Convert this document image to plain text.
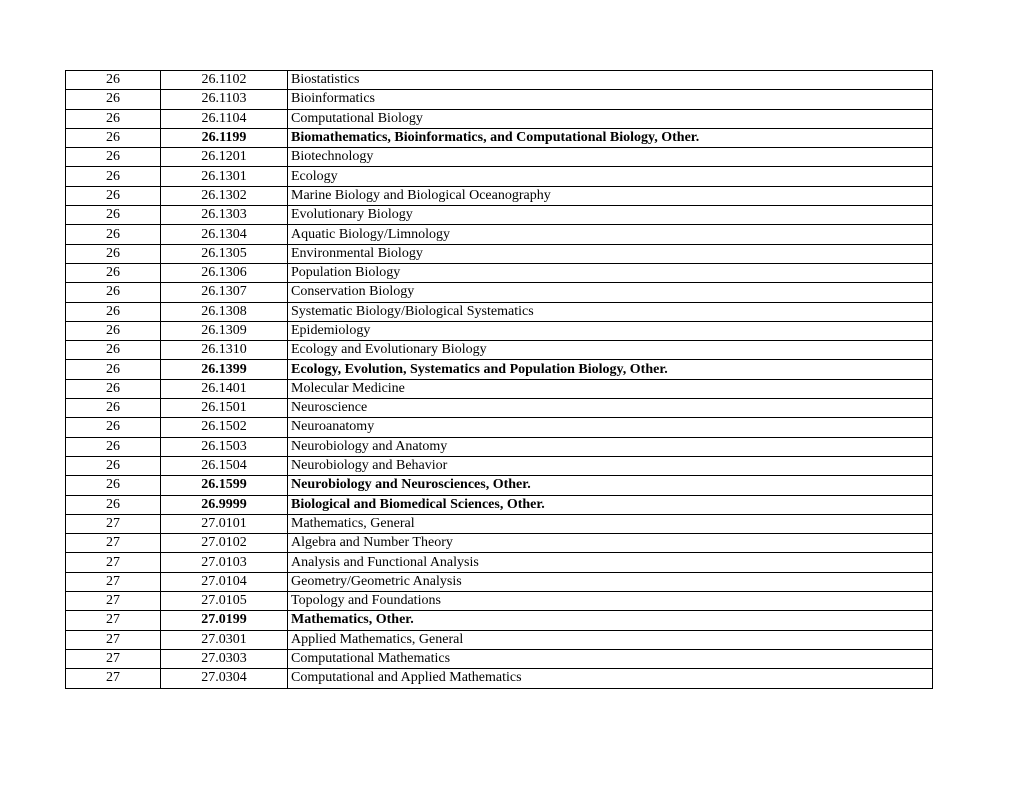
26	26.1102	Biostatistics
26	26.1103	Bioinformatics
26	26.1104	Computational Biology
26	26.1199	Biomathematics, Bioinformatics, and Computational Biology, Other.
26	26.1201	Biotechnology
26	26.1301	Ecology
26	26.1302	Marine Biology and Biological Oceanography
26	26.1303	Evolutionary Biology
26	26.1304	Aquatic Biology/Limnology
26	26.1305	Environmental Biology
26	26.1306	Population Biology
26	26.1307	Conservation Biology
26	26.1308	Systematic Biology/Biological Systematics
26	26.1309	Epidemiology
26	26.1310	Ecology and Evolutionary Biology
26	26.1399	Ecology, Evolution, Systematics and Population Biology, Other.
26	26.1401	Molecular Medicine
26	26.1501	Neuroscience
26	26.1502	Neuroanatomy
26	26.1503	Neurobiology and Anatomy
26	26.1504	Neurobiology and Behavior
26	26.1599	Neurobiology and Neurosciences, Other.
26	26.9999	Biological and Biomedical Sciences, Other.
27	27.0101	Mathematics, General
27	27.0102	Algebra and Number Theory
27	27.0103	Analysis and Functional Analysis
27	27.0104	Geometry/Geometric Analysis
27	27.0105	Topology and Foundations
27	27.0199	Mathematics, Other.
27	27.0301	Applied Mathematics, General
27	27.0303	Computational Mathematics
27	27.0304	Computational and Applied Mathematics
